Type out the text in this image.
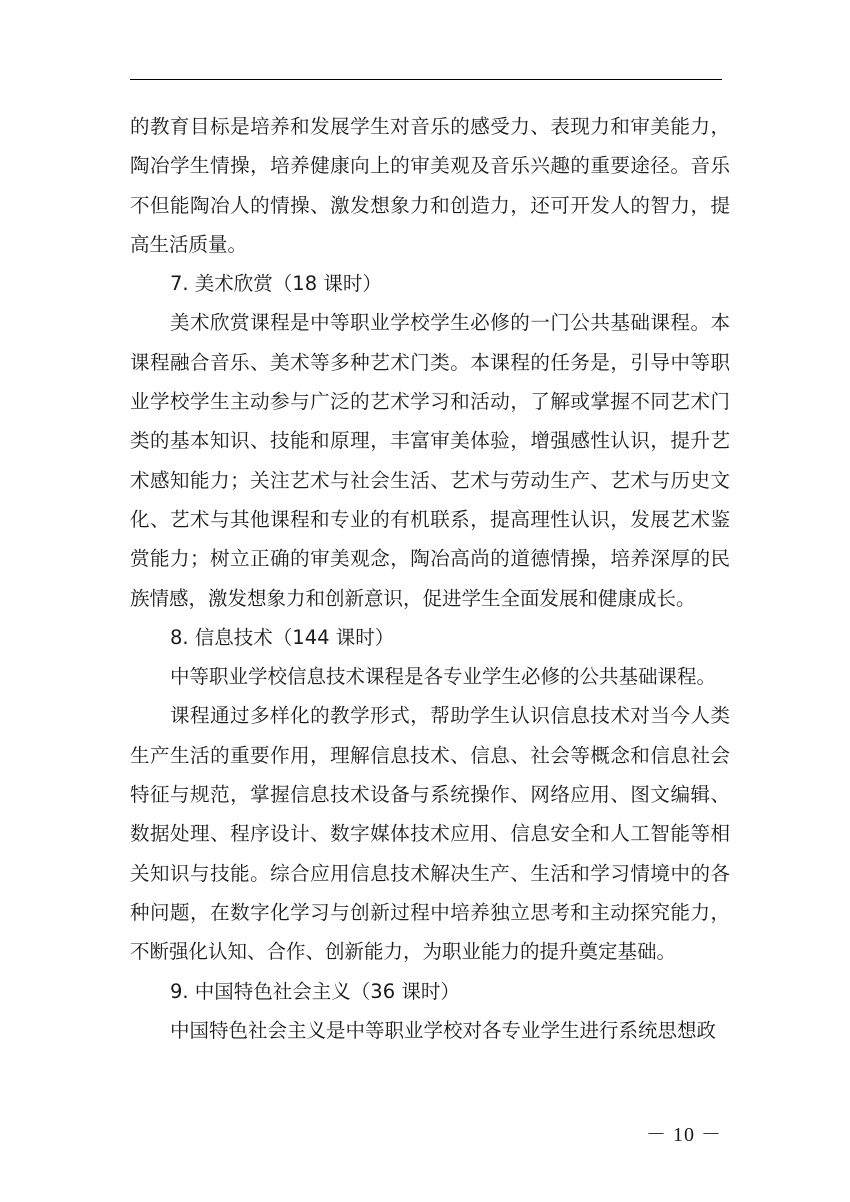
的教育目标是培养和发展学生对音乐的感受力、表现力和审美能力，陶冶学生情操，培养健康向上的审美观及音乐兴趣的重要途径。音乐不但能陶冶人的情操、激发想象力和创造力，还可开发人的智力，提高生活质量。

7. 美术欣赏（18 课时）

美术欣赏课程是中等职业学校学生必修的一门公共基础课程。本课程融合音乐、美术等多种艺术门类。本课程的任务是，引导中等职业学校学生主动参与广泛的艺术学习和活动，了解或掌握不同艺术门类的基本知识、技能和原理，丰富审美体验，增强感性认识，提升艺术感知能力；关注艺术与社会生活、艺术与劳动生产、艺术与历史文化、艺术与其他课程和专业的有机联系，提高理性认识，发展艺术鉴赏能力；树立正确的审美观念，陶冶高尚的道德情操，培养深厚的民族情感，激发想象力和创新意识，促进学生全面发展和健康成长。

8. 信息技术（144 课时）

中等职业学校信息技术课程是各专业学生必修的公共基础课程。

课程通过多样化的教学形式，帮助学生认识信息技术对当今人类生产生活的重要作用，理解信息技术、信息、社会等概念和信息社会特征与规范，掌握信息技术设备与系统操作、网络应用、图文编辑、数据处理、程序设计、数字媒体技术应用、信息安全和人工智能等相关知识与技能。综合应用信息技术解决生产、生活和学习情境中的各种问题，在数字化学习与创新过程中培养独立思考和主动探究能力，不断强化认知、合作、创新能力，为职业能力的提升奠定基础。

9. 中国特色社会主义（36 课时）

中国特色社会主义是中等职业学校对各专业学生进行系统思想政

－ 10 －
